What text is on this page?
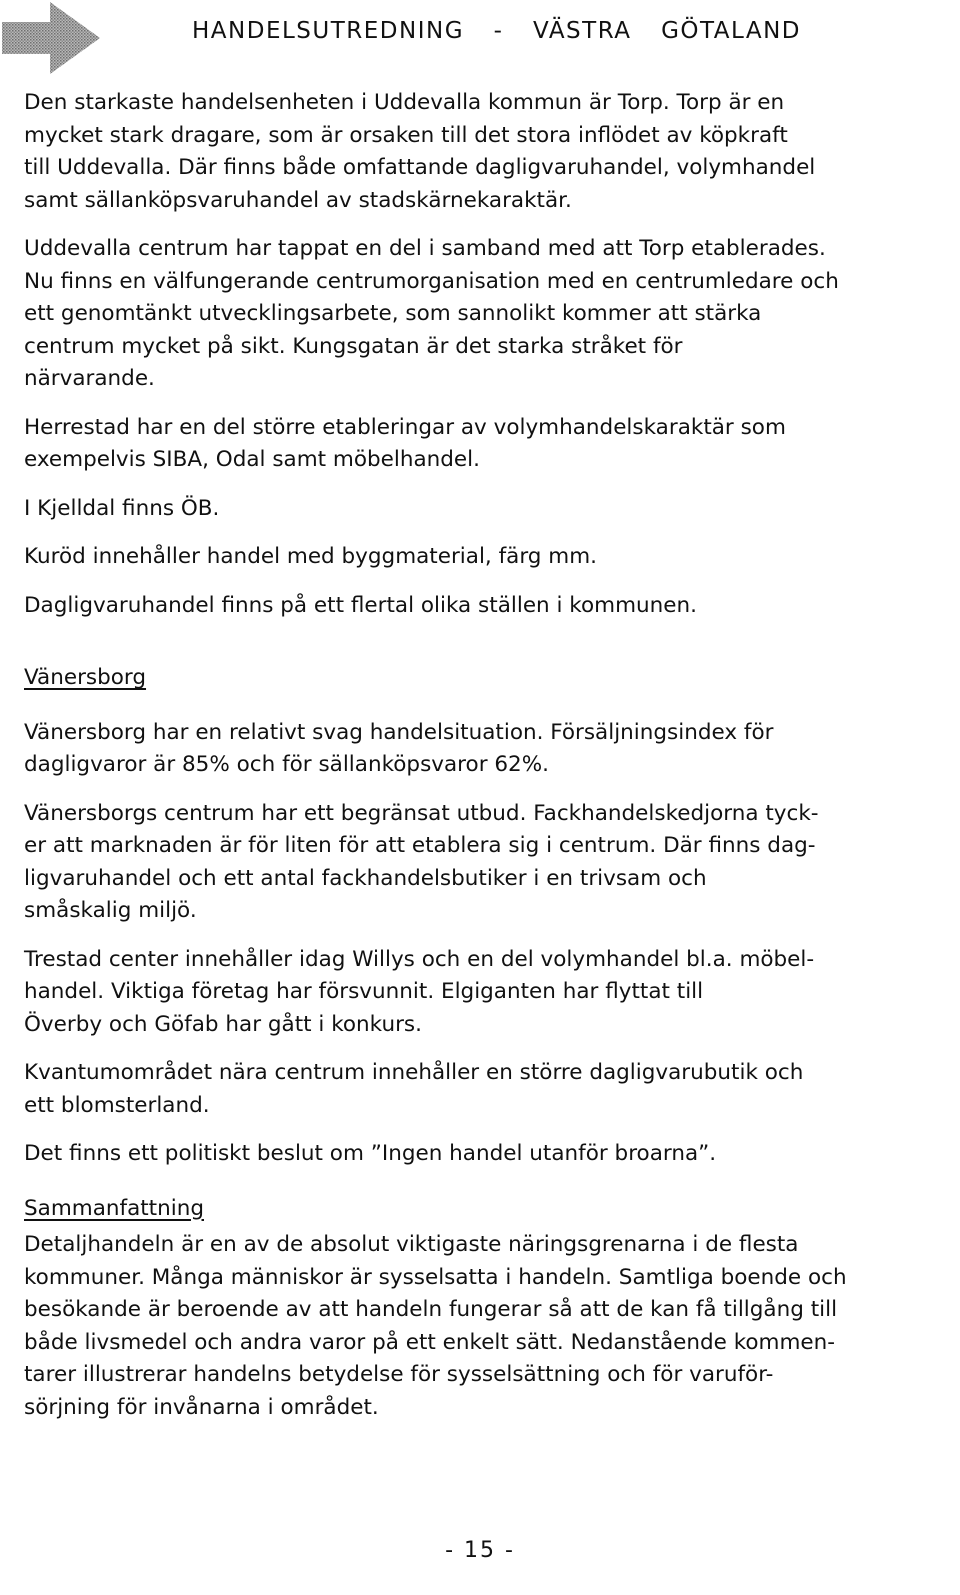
HANDELSUTREDNING  -  VÄSTRA  GÖTALAND

Den starkaste handelsenheten i Uddevalla kommun är Torp. Torp är en
mycket stark dragare, som är orsaken till det stora inflödet av köpkraft
till Uddevalla. Där finns både omfattande dagligvaruhandel, volymhandel
samt sällanköpsvaruhandel av stadskärnekaraktär.

Uddevalla centrum har tappat en del i samband med att Torp etablerades.
Nu finns en välfungerande centrumorganisation med en centrumledare och
ett genomtänkt utvecklingsarbete, som sannolikt kommer att stärka
centrum mycket på sikt. Kungsgatan är det starka stråket för
närvarande.

Herrestad har en del större etableringar av volymhandelskaraktär som
exempelvis SIBA, Odal samt möbelhandel.

I Kjelldal finns ÖB.

Kuröd innehåller handel med byggmaterial, färg mm.

Dagligvaruhandel finns på ett flertal olika ställen i kommunen.

Vänersborg

Vänersborg har en relativt svag handelsituation. Försäljningsindex för
dagligvaror är 85% och för sällanköpsvaror 62%.

Vänersborgs centrum har ett begränsat utbud. Fackhandelskedjorna tyck-
er att marknaden är för liten för att etablera sig i centrum. Där finns dag-
ligvaruhandel och ett antal fackhandelsbutiker i en trivsam och
småskalig miljö.

Trestad center innehåller idag Willys och en del volymhandel bl.a. möbel-
handel. Viktiga företag har försvunnit. Elgiganten har flyttat till
Överby och Göfab har gått i konkurs.

Kvantumområdet nära centrum innehåller en större dagligvarubutik och
ett blomsterland.

Det finns ett politiskt beslut om ”Ingen handel utanför broarna”.

Sammanfattning

Detaljhandeln är en av de absolut viktigaste näringsgrenarna i de flesta
kommuner. Många människor är sysselsatta i handeln. Samtliga boende och
besökande är beroende av att handeln fungerar så att de kan få tillgång till
både livsmedel och andra varor på ett enkelt sätt. Nedanstående kommen-
tarer illustrerar handelns betydelse för sysselsättning och för varuför-
sörjning för invånarna i området.

- 15 -
